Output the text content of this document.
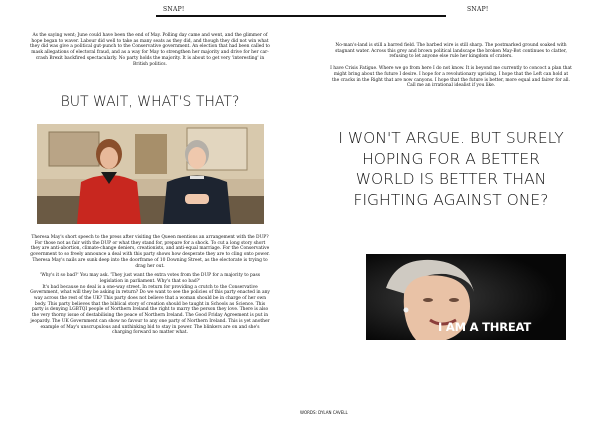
SNAP!

As the saying went; June could have been the end of May. Polling day came and went, and the glimmer of hope began to waver. Labour did well to take as many seats as they did, and though they did not win what they did was give a political gut-punch to the Conservative government. An election that had been called to mask allegations of electoral fraud, and as a way for May to strengthen her majority and drive for her car-crash Brexit backfired spectacularly. No party holds the majority. It is about to get very 'interesting' in British politics.

BUT WAIT, WHAT'S THAT?

Theresa May's short speech to the press after visiting the Queen mentions an arrangement with the DUP? For those not as fair with the DUP or what they stand for, prepare for a shock. To cut a long story short they are anti-abortion, climate-change deniers, creationists, and anti-equal marriage. For the Conservative government to so freely announce a deal with this party shows how desperate they are to cling onto power. Theresa May's nails are sunk deep into the doorframe of 10 Downing Street, as the electorate is trying to drag her out.

'Why's it so bad?' You may ask. 'They just want the extra votes from the DUP for a majority to pass legislation in parliament. Why's that so bad?'

It's bad because no deal is a one-way street. In return for providing a crutch to the Conservative Government, what will they be asking in return? Do we want to see the policies of this party enacted in any way across the rest of the UK? This party does not believe that a woman should be in charge of her own body. This party believes that the biblical story of creation should be taught in Schools as Science. This party is denying LGBTQI people of Northern Ireland the right to marry the person they love. There is also the very thorny issue of destabilising the peace of Northern Ireland. The Good Friday Agreement is put in jeopardy. The UK Government can show no favour to any one party of Northern Ireland. This is yet another example of May's unscrupulous and unthinking bid to stay in power. The blinkers are on and she's charging forward no matter what.

SNAP!

No-man's-land is still a barred field. The barbed wire is still sharp. The postmarked ground soaked with stagnant water. Across this grey and brown political landscape the broken May-Bot continues to clatter, refusing to let anyone else rule her kingdom of craters.

I have Crisis Fatigue. Where we go from here I do not know. It is beyond me currently to concoct a plan that might bring about the future I desire. I hope for a revolutionary uprising. I hope that the Left can hold at the cracks in the Right that are now canyons. I hope that the future is better, more equal and fairer for all. Call me an irrational idealist if you like.

I WON'T ARGUE. BUT SURELY HOPING FOR A BETTER WORLD IS BETTER THAN FIGHTING AGAINST ONE?
I AM A THREAT
WORDS: DYLAN CAVELL
